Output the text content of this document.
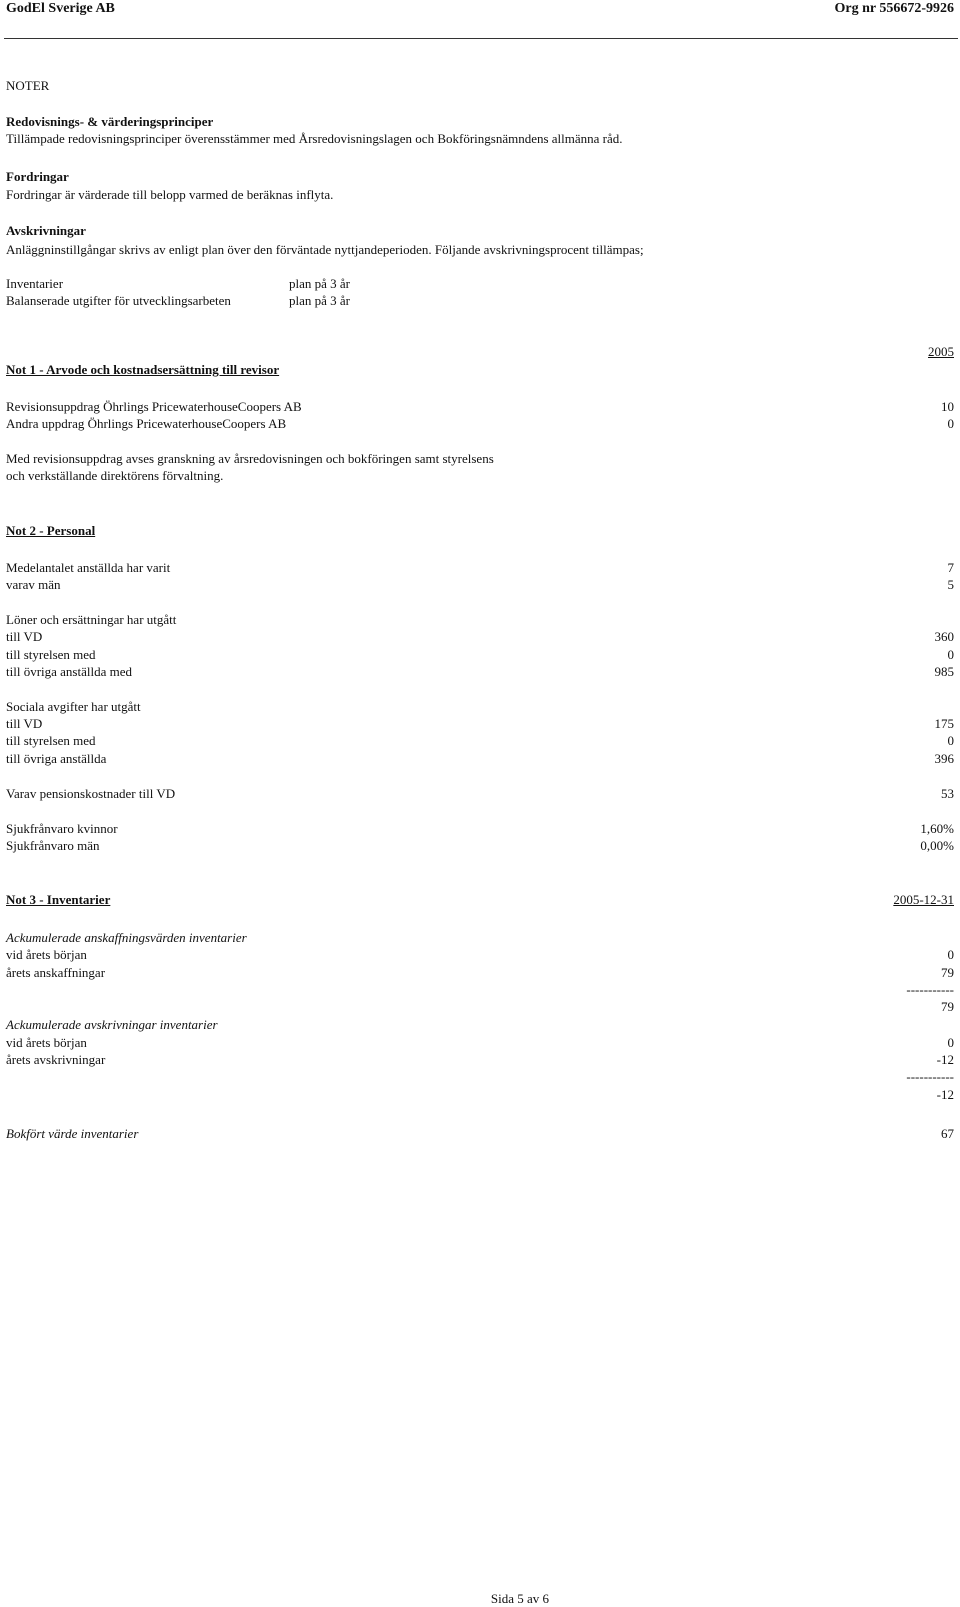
GodEl Sverige AB	Org nr 556672-9926
NOTER
Redovisnings- & värderingsprinciper
Tillämpade redovisningsprinciper överensstämmer med Årsredovisningslagen och Bokföringsnämndens allmänna råd.
Fordringar
Fordringar är värderade till belopp varmed de beräknas inflyta.
Avskrivningar
Anläggninstillgångar skrivs av enligt plan över den förväntade nyttjandeperioden. Följande avskrivningsprocent tillämpas;
Inventarier	plan på 3 år
Balanserade utgifter för utvecklingsarbeten	plan på 3 år
2005
Not 1 - Arvode och kostnadsersättning till revisor
Revisionsuppdrag Öhrlings PricewaterhouseCoopers AB	10
Andra uppdrag Öhrlings PricewaterhouseCoopers AB	0
Med revisionsuppdrag avses granskning av årsredovisningen och bokföringen samt styrelsens
och verkställande direktörens förvaltning.
Not 2 - Personal
Medelantalet anställda har varit	7
varav män	5
Löner och ersättningar har utgått
till VD	360
till styrelsen med	0
till övriga anställda med	985
Sociala avgifter har utgått
till VD	175
till styrelsen med	0
till övriga anställda	396
Varav pensionskostnader till VD	53
Sjukfrånvaro kvinnor	1,60%
Sjukfrånvaro män	0,00%
Not 3 - Inventarier	2005-12-31
Ackumulerade anskaffningsvärden inventarier
vid årets början	0
årets anskaffningar	79
-----------
79
Ackumulerade avskrivningar inventarier
vid årets början	0
årets avskrivningar	-12
-----------
-12
Bokfört värde inventarier	67
Sida 5 av 6
